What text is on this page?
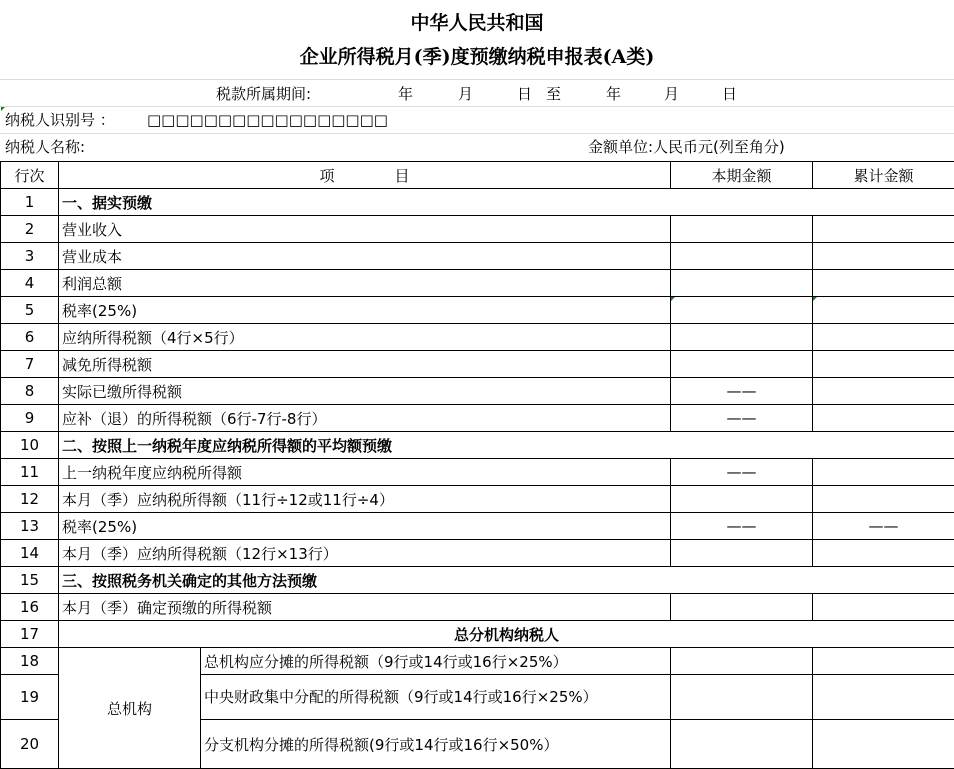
中华人民共和国
企业所得税月(季)度预缴纳税申报表(A类)
税款所属期间:	年	月	日 至	年	月	日
纳税人识别号 ： □□□□□□□□□□□□□□□□□
纳税人名称:	金额单位:人民币元(列至角分)
行次	项　　　　目		本期金额	累计金额
1	一、据实预缴			
2	营业收入			
3	营业成本			
4	利润总额			
5	税率(25%)		

6	应纳所得税额（4行×5行）			
7	减免所得税额			
8	实际已缴所得税额		——	
9	应补（退）的所得税额（6行-7行-8行）		——	
10	二、按照上一纳税年度应纳税所得额的平均额预缴			
11	上一纳税年度应纳税所得额		——	
12	本月（季）应纳税所得额（11行÷12或11行÷4）			
13	税率(25%)		——	——
14	本月（季）应纳所得税额（12行×13行）			
15	三、按照税务机关确定的其他方法预缴			
16	本月（季）确定预缴的所得税额			
17	总分机构纳税人			
18	总机构	总机构应分摊的所得税额（9行或14行或16行×25%）		
19		中央财政集中分配的所得税额（9行或14行或16行×25%）		
20		分支机构分摊的所得税额(9行或14行或16行×50%）		
